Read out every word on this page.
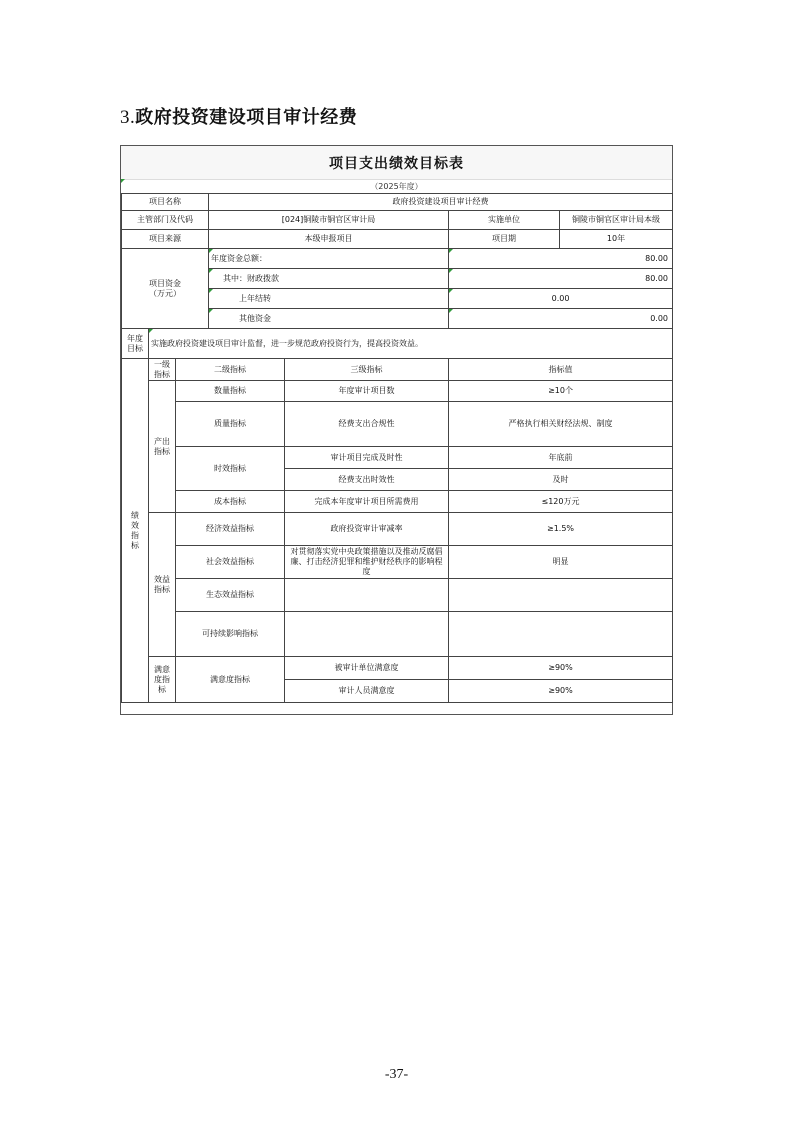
3.政府投资建设项目审计经费
项目支出绩效目标表
（2025年度）
项目名称			政府投资建设项目审计经费			
主管部门及代码			[024]铜陵市铜官区审计局		实施单位	铜陵市铜官区审计局本级
项目来源			本级申报项目		项目期	10年

项目资金
（万元）			年度资金总额：		80.00	
			其中：财政拨款		80.00	
			上年结转		0.00	
			其他资金		0.00	
年度目标	实施政府投资建设项目审计监督，进一步规范政府投资行为，提高投资效益。					

绩效指标	一级指标	二级指标		三级指标	指标值	

	产出指标	数量指标		年度审计项目数	≥10个	
		质量指标		经费支出合规性	严格执行相关财经法规、制度	
		时效指标		审计项目完成及时性	年底前	
				经费支出时效性	及时	
		成本指标		完成本年度审计项目所需费用	≤120万元	

	效益指标	经济效益指标		政府投资审计审减率	≥1.5%	
		社会效益指标		对贯彻落实党中央政策措施以及推动反腐倡廉、打击经济犯罪和维护财经秩序的影响程度	明显	
		生态效益指标				
		可持续影响指标				

	满意度指标	满意度指标		被审计单位满意度	≥90%	
				审计人员满意度	≥90%	
-37-
